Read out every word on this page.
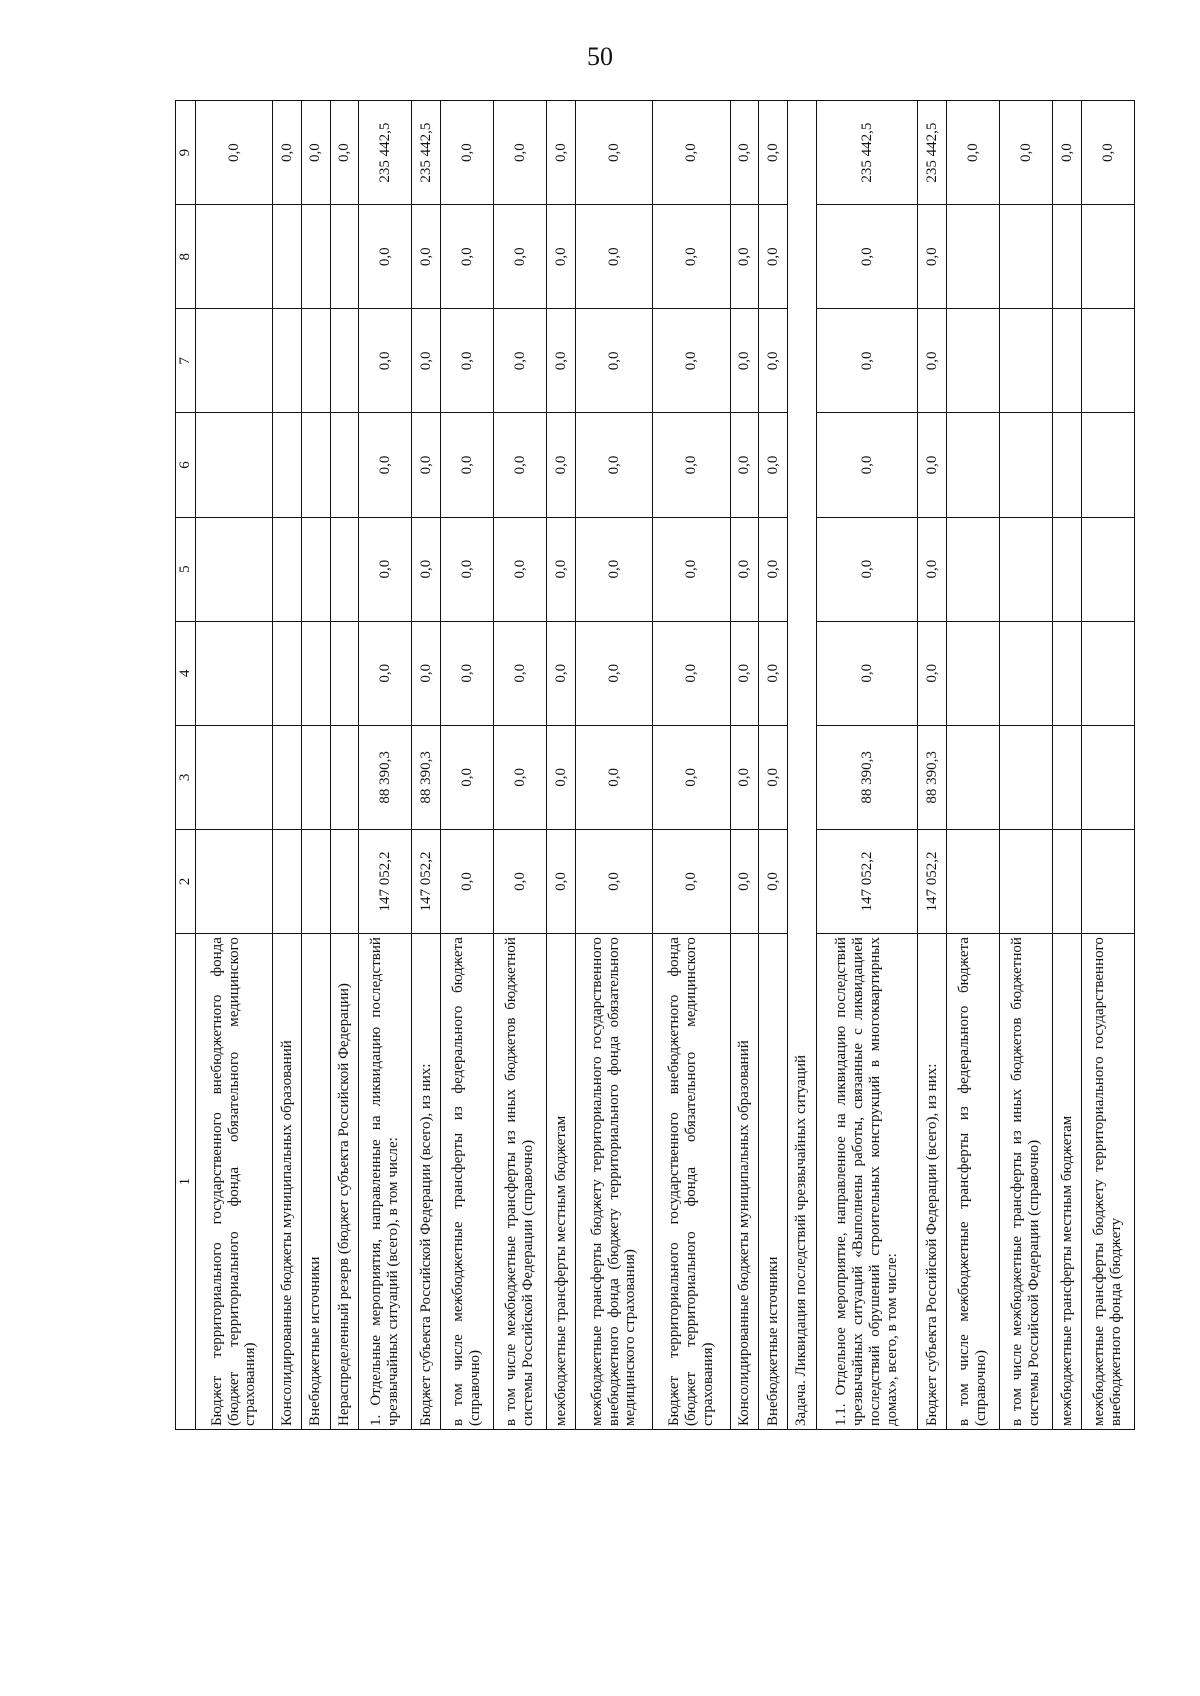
50
1	2	3	4	5	6	7	8	9
Бюджет территориального государственного внебюджетного фонда (бюджет территориального фонда обязательного медицинского страхования)								0,0
Консолидированные бюджеты муниципальных образований								0,0
Внебюджетные источники								0,0
Нераспределенный резерв (бюджет субъекта Российской Федерации)								0,0
1. Отдельные мероприятия, направленные на ликвидацию последствий чрезвычайных ситуаций (всего), в том числе:	147 052,2	88 390,3	0,0	0,0	0,0	0,0	0,0	235 442,5
Бюджет субъекта Российской Федерации (всего), из них:	147 052,2	88 390,3	0,0	0,0	0,0	0,0	0,0	235 442,5
в том числе межбюджетные трансферты из федерального бюджета (справочно)	0,0	0,0	0,0	0,0	0,0	0,0	0,0	0,0
в том числе межбюджетные трансферты из иных бюджетов бюджетной системы Российской Федерации (справочно)	0,0	0,0	0,0	0,0	0,0	0,0	0,0	0,0
межбюджетные трансферты местным бюджетам	0,0	0,0	0,0	0,0	0,0	0,0	0,0	0,0
межбюджетные трансферты бюджету территориального государственного внебюджетного фонда (бюджету территориального фонда обязательного медицинского страхования)	0,0	0,0	0,0	0,0	0,0	0,0	0,0	0,0
Бюджет территориального государственного внебюджетного фонда (бюджет территориального фонда обязательного медицинского страхования)	0,0	0,0	0,0	0,0	0,0	0,0	0,0	0,0
Консолидированные бюджеты муниципальных образований	0,0	0,0	0,0	0,0	0,0	0,0	0,0	0,0
Внебюджетные источники	0,0	0,0	0,0	0,0	0,0	0,0	0,0	0,0
Задача. Ликвидация последствий чрезвычайных ситуаций								
1.1. Отдельное мероприятие, направленное на ликвидацию последствий чрезвычайных ситуаций «Выполнены работы, связанные с ликвидацией последствий обрушений строительных конструкций в многоквартирных домах», всего, в том числе:	147 052,2	88 390,3	0,0	0,0	0,0	0,0	0,0	235 442,5
Бюджет субъекта Российской Федерации (всего), из них:	147 052,2	88 390,3	0,0	0,0	0,0	0,0	0,0	235 442,5
в том числе межбюджетные трансферты из федерального бюджета (справочно)								0,0
в том числе межбюджетные трансферты из иных бюджетов бюджетной системы Российской Федерации (справочно)								0,0
межбюджетные трансферты местным бюджетам								0,0
межбюджетные трансферты бюджету территориального государственного внебюджетного фонда (бюджету								0,0
